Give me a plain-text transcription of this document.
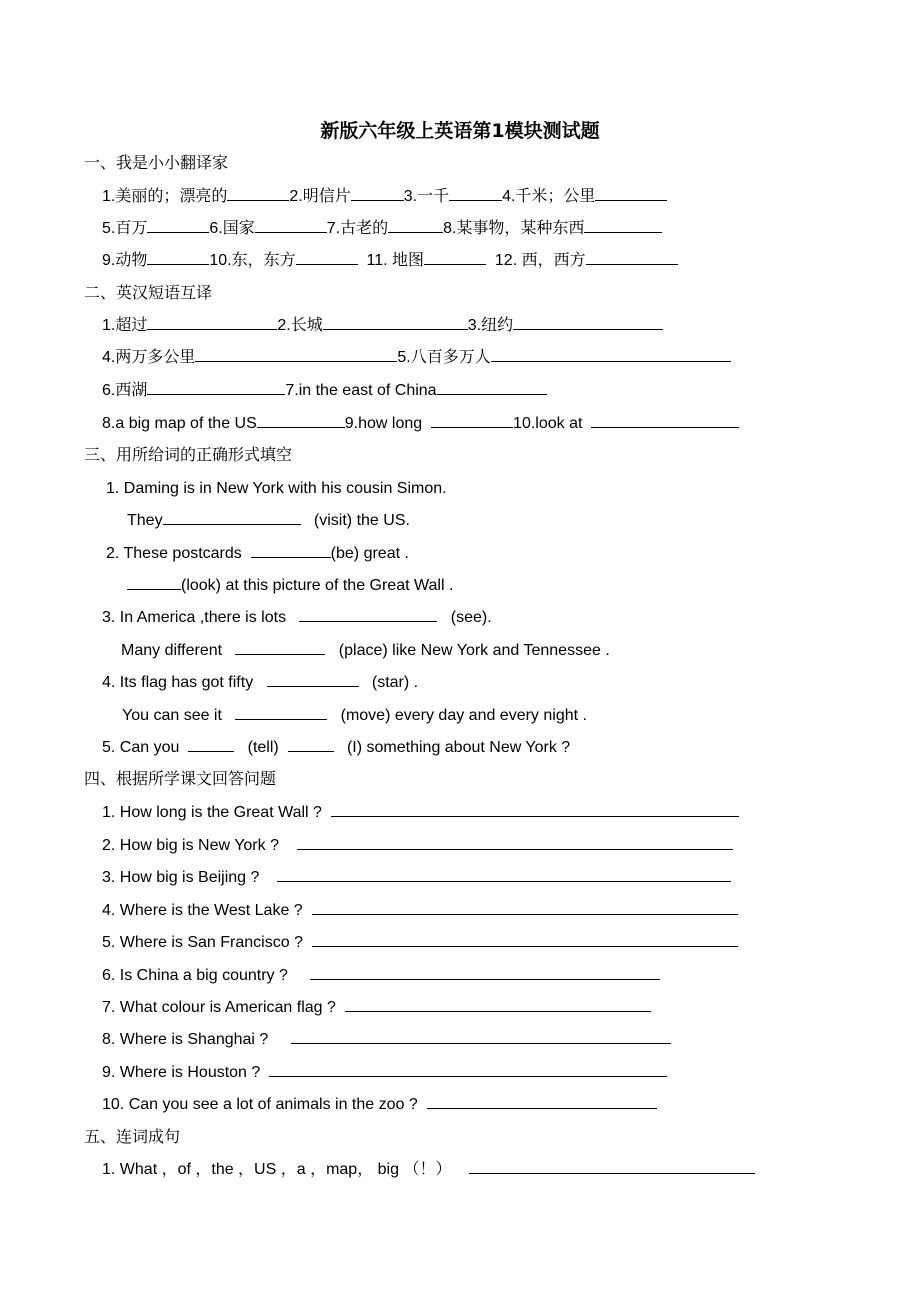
新版六年级上英语第1模块测试题
一、我是小小翻译家
1.美丽的；漂亮的	2.明信片	3.一千	4.千米；公里
5.百万	6.国家	7.古老的	8.某事物，某种东西
9.动物	10.东，东方	11. 地图	12. 西，西方
二、英汉短语互译
1.超过	2.长城	3.纽约
4.两万多公里	5.八百多万人
6.西湖	7.in the east of China
8.a big map of the US	9.how long	10.look at
三、用所给词的正确形式填空
1. Daming is in New York with his cousin Simon.
They	(visit) the US.
2. These postcards	(be) great .
(look) at this picture of the Great Wall .
3. In America ,there is lots	(see).
Many different	(place) like New York and Tennessee .
4. Its flag has got fifty	(star) .
You can see it	(move) every day and every night .
5. Can you	(tell)	(I) something about New York ?
四、根据所学课文回答问题
1. How long is the Great Wall ?
2. How big is New York ?
3. How big is Beijing ?
4. Where is the West Lake ?
5. Where is San Francisco ?
6. Is China a big country ?
7. What colour is American flag ?
8. Where is Shanghai ?
9. Where is Houston ?
10. Can you see a lot of animals in the zoo ?
五、连词成句
1. What ，of ，the ，US ，a ，map， big （！）
